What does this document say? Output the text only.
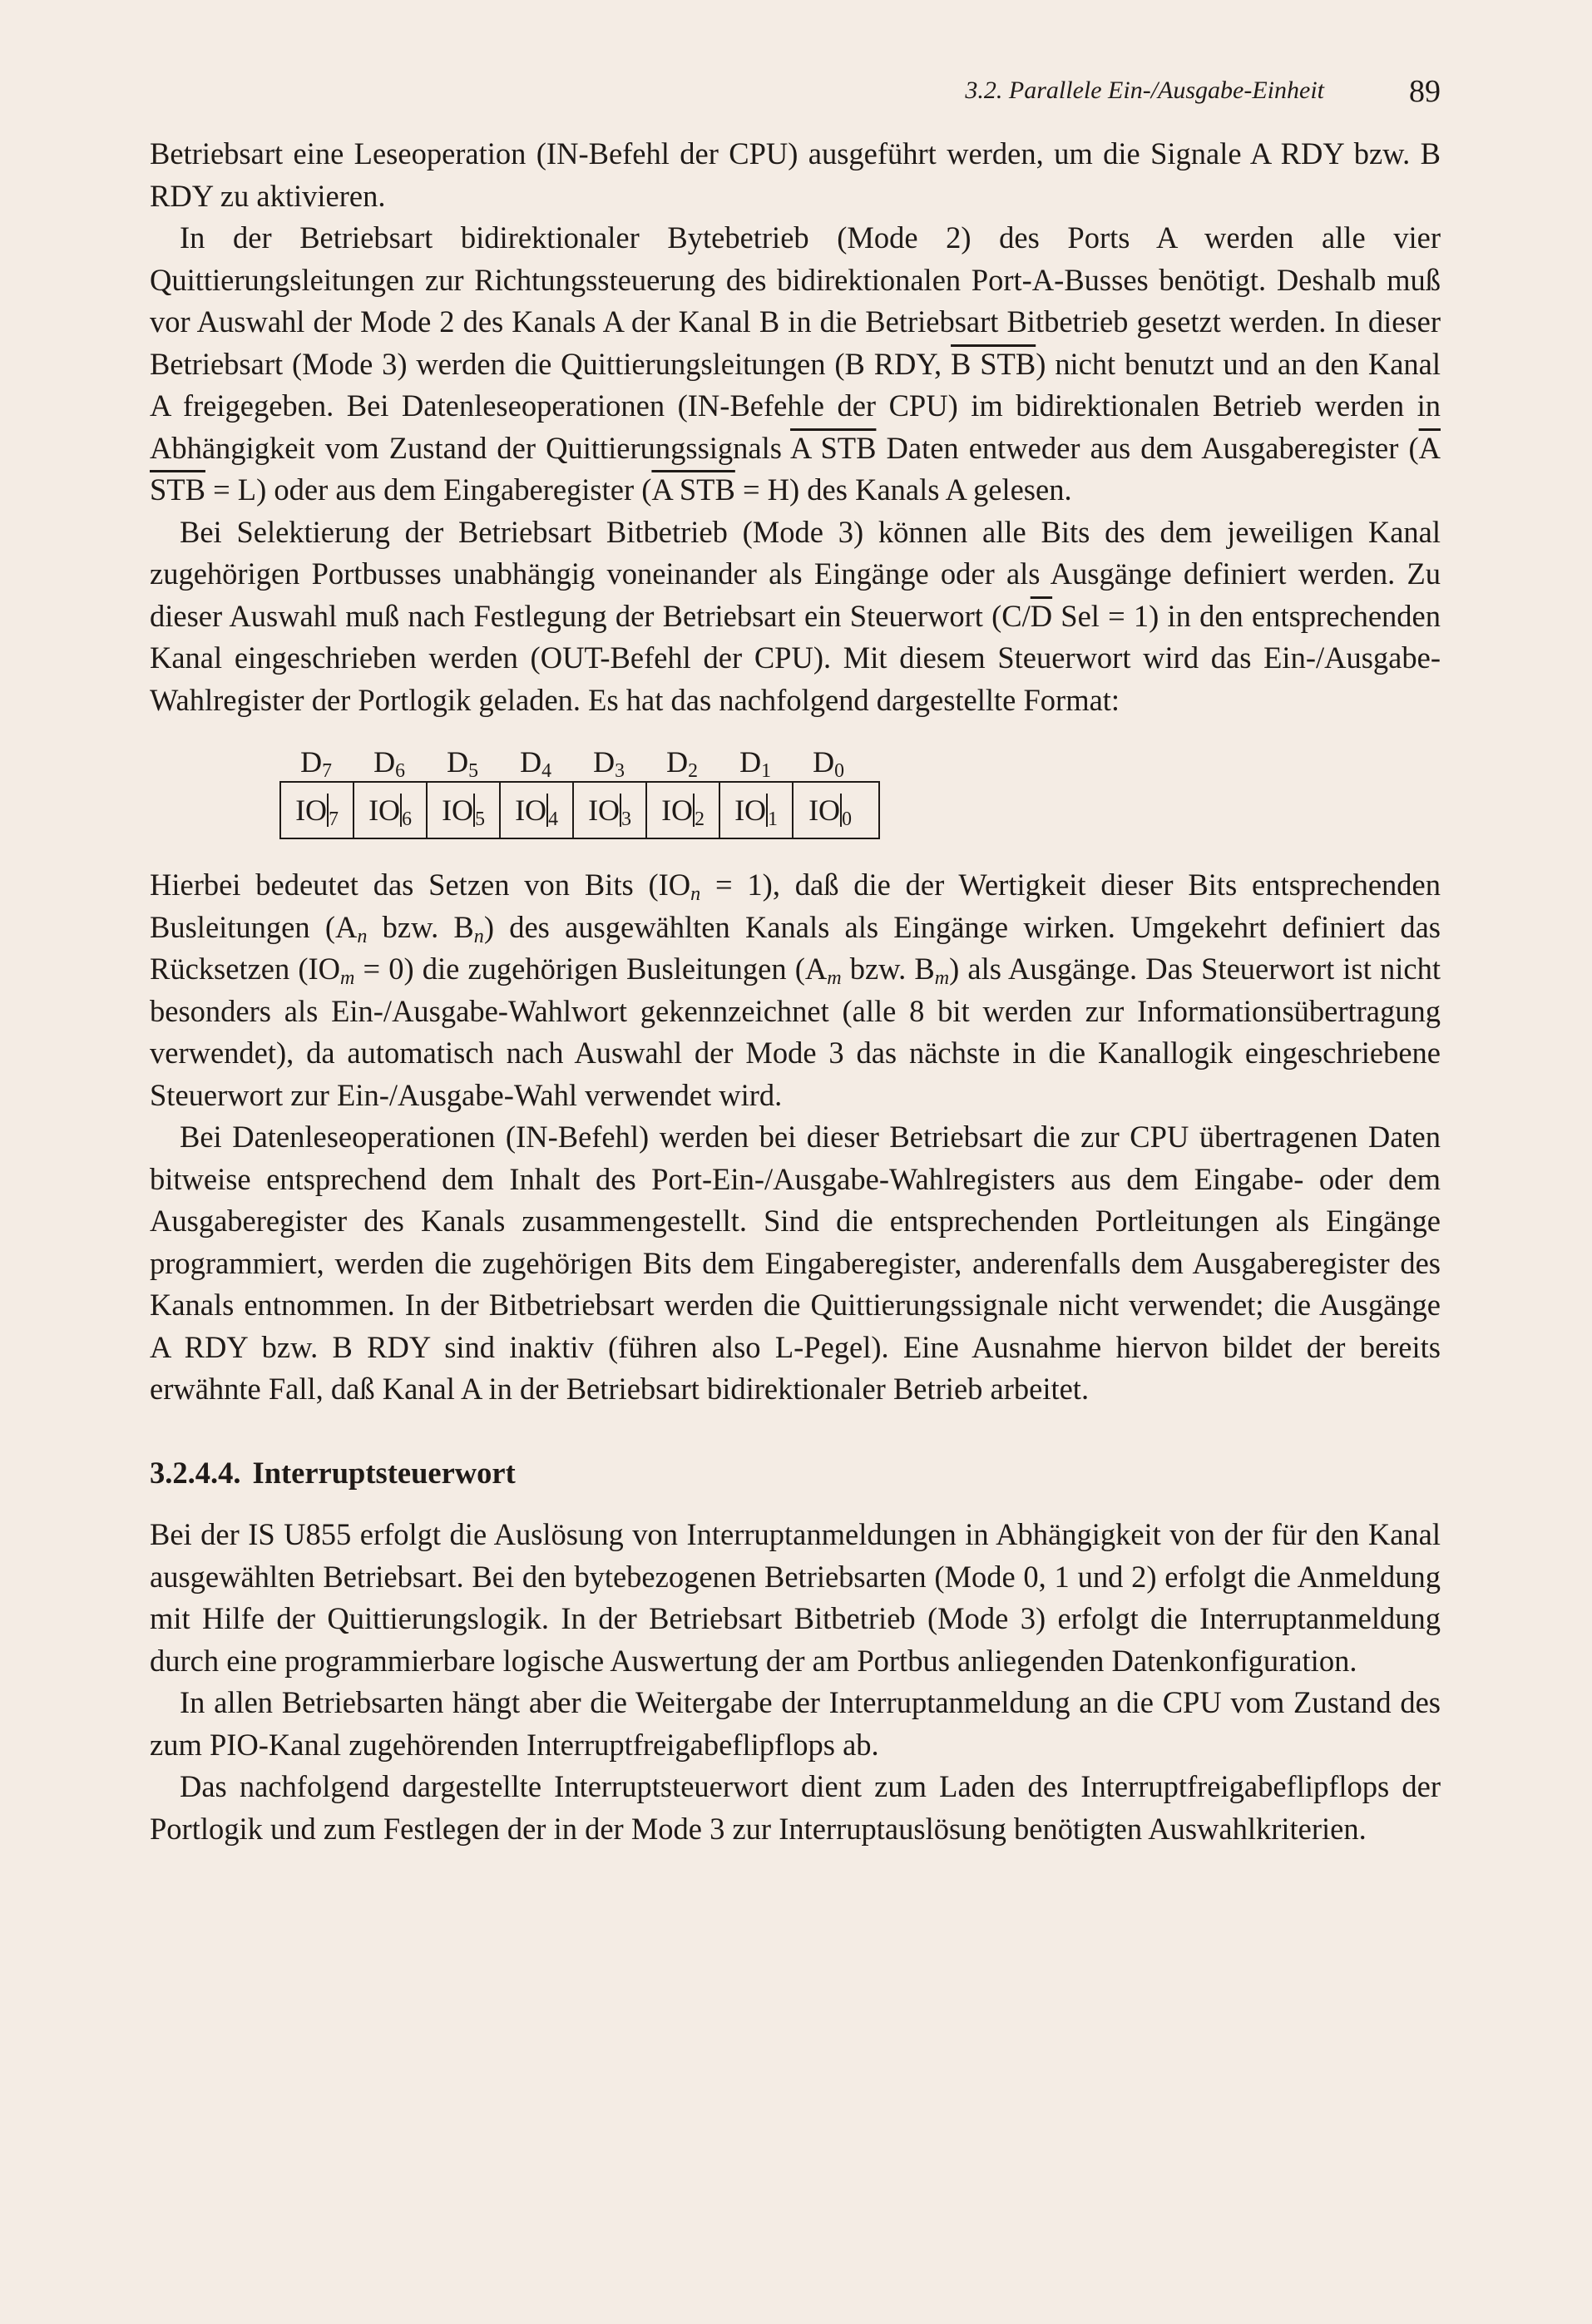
3.2. Parallele Ein-/Ausgabe-Einheit	89

Betriebsart eine Leseoperation (IN-Befehl der CPU) ausgeführt werden, um die Signale A RDY bzw. B RDY zu aktivieren.

In der Betriebsart bidirektionaler Bytebetrieb (Mode 2) des Ports A werden alle vier Quittierungsleitungen zur Richtungssteuerung des bidirektionalen Port-A-Busses benötigt. Deshalb muß vor Auswahl der Mode 2 des Kanals A der Kanal B in die Betriebsart Bitbetrieb gesetzt werden. In dieser Betriebsart (Mode 3) werden die Quittierungsleitungen (B RDY, B STB) nicht benutzt und an den Kanal A freigegeben. Bei Datenleseoperationen (IN-Befehle der CPU) im bidirektionalen Betrieb werden in Abhängigkeit vom Zustand der Quittierungssignals A STB Daten entweder aus dem Ausgaberegister (A STB = L) oder aus dem Eingaberegister (A STB = H) des Kanals A gelesen.

Bei Selektierung der Betriebsart Bitbetrieb (Mode 3) können alle Bits des dem jeweiligen Kanal zugehörigen Portbusses unabhängig voneinander als Eingänge oder als Ausgänge definiert werden. Zu dieser Auswahl muß nach Festlegung der Betriebsart ein Steuerwort ($C/\overline{D}$ Sel = 1) in den entsprechenden Kanal eingeschrieben werden (OUT-Befehl der CPU). Mit diesem Steuerwort wird das Ein-/Ausgabe-Wahlregister der Portlogik geladen. Es hat das nachfolgend dargestellte Format:

$D_7$	$D_6$	$D_5$	$D_4$	$D_3$	$D_2$	$D_1$	$D_0$
$IO_7$	$IO_6$	$IO_5$	$IO_4$	$IO_3$	$IO_2$	$IO_1$	$IO_0$

Hierbei bedeutet das Setzen von Bits $(IO_n = 1)$, daß die der Wertigkeit dieser Bits entsprechenden Busleitungen ($A_n$ bzw. $B_n$) des ausgewählten Kanals als Eingänge wirken. Umgekehrt definiert das Rücksetzen $(IO_m = 0)$ die zugehörigen Busleitungen ($A_m$ bzw. $B_m$) als Ausgänge. Das Steuerwort ist nicht besonders als Ein-/Ausgabe-Wahlwort gekennzeichnet (alle 8 bit werden zur Informationsübertragung verwendet), da automatisch nach Auswahl der Mode 3 das nächste in die Kanallogik eingeschriebene Steuerwort zur Ein-/Ausgabe-Wahl verwendet wird.

Bei Datenleseoperationen (IN-Befehl) werden bei dieser Betriebsart die zur CPU übertragenen Daten bitweise entsprechend dem Inhalt des Port-Ein-/Ausgabe-Wahlregisters aus dem Eingabe- oder dem Ausgaberegister des Kanals zusammengestellt. Sind die entsprechenden Portleitungen als Eingänge programmiert, werden die zugehörigen Bits dem Eingaberegister, anderenfalls dem Ausgaberegister des Kanals entnommen. In der Bitbetriebsart werden die Quittierungssignale nicht verwendet; die Ausgänge A RDY bzw. B RDY sind inaktiv (führen also L-Pegel). Eine Ausnahme hiervon bildet der bereits erwähnte Fall, daß Kanal A in der Betriebsart bidirektionaler Betrieb arbeitet.

3.2.4.4. Interruptsteuerwort

Bei der IS U855 erfolgt die Auslösung von Interruptanmeldungen in Abhängigkeit von der für den Kanal ausgewählten Betriebsart. Bei den bytebezogenen Betriebsarten (Mode 0, 1 und 2) erfolgt die Anmeldung mit Hilfe der Quittierungslogik. In der Betriebsart Bitbetrieb (Mode 3) erfolgt die Interruptanmeldung durch eine programmierbare logische Auswertung der am Portbus anliegenden Datenkonfiguration.

In allen Betriebsarten hängt aber die Weitergabe der Interruptanmeldung an die CPU vom Zustand des zum PIO-Kanal zugehörenden Interruptfreigabeflipflops ab.

Das nachfolgend dargestellte Interruptsteuerwort dient zum Laden des Interruptfreigabeflipflops der Portlogik und zum Festlegen der in der Mode 3 zur Interruptauslösung benötigten Auswahlkriterien.
